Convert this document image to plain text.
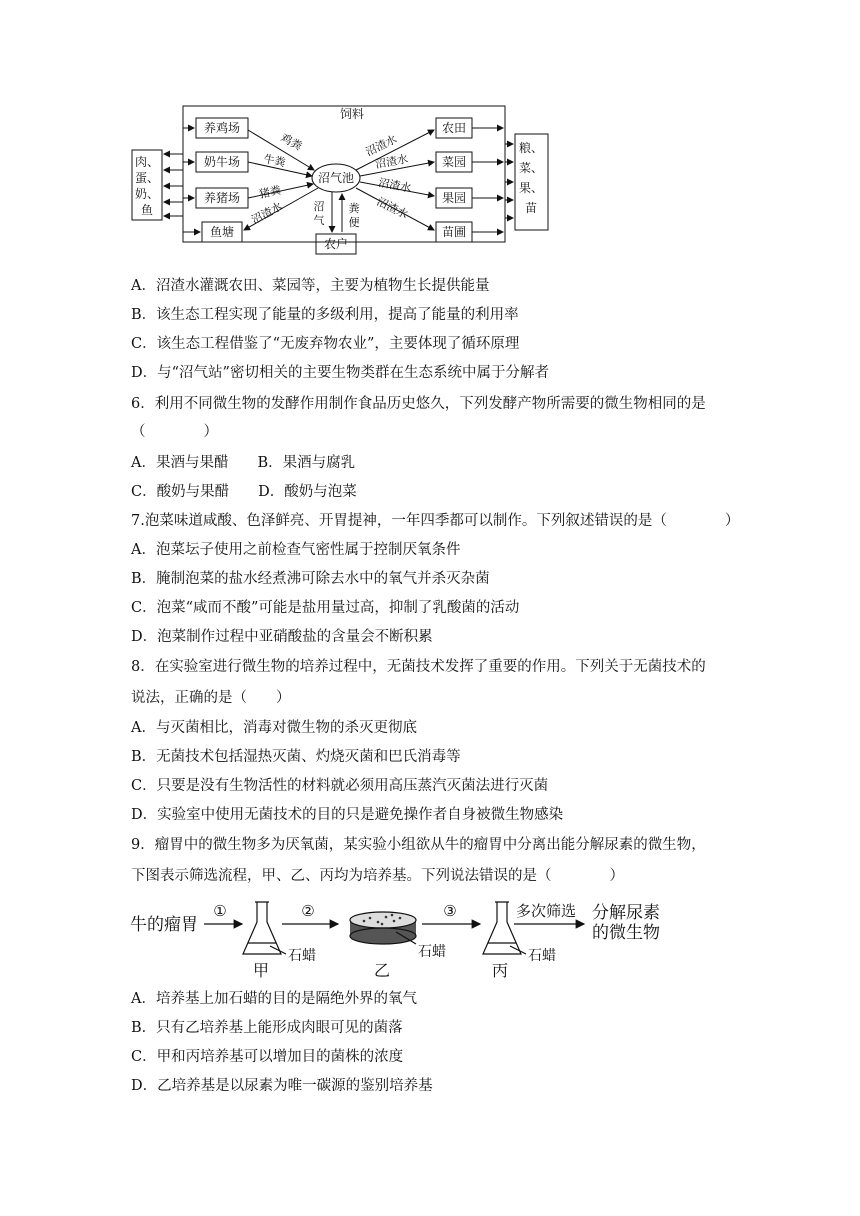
肉、
蛋、
奶、
鱼
粮、
菜、
果、
苗
养鸡场
奶牛场
养猪场
鱼塘
农田
菜园
果园
苗圃
沼气池
农户
饲料
鸡粪
牛粪
猪粪
沼渣水
沼渣水
沼渣水
沼渣水
沼渣水
沼
气
粪
便
A．沼渣水灌溉农田、菜园等，主要为植物生长提供能量
B．该生态工程实现了能量的多级利用，提高了能量的利用率
C．该生态工程借鉴了“无废弃物农业”，主要体现了循环原理
D．与“沼气站”密切相关的主要生物类群在生态系统中属于分解者
6．利用不同微生物的发酵作用制作食品历史悠久，下列发酵产物所需要的微生物相同的是
（　　　　）
A．果酒与果醋　　B．果酒与腐乳
C．酸奶与果醋　　D．酸奶与泡菜
7.泡菜味道咸酸、色泽鲜亮、开胃提神，一年四季都可以制作。下列叙述错误的是（　　　　）
A．泡菜坛子使用之前检查气密性属于控制厌氧条件
B．腌制泡菜的盐水经煮沸可除去水中的氧气并杀灭杂菌
C．泡菜“咸而不酸”可能是盐用量过高，抑制了乳酸菌的活动
D．泡菜制作过程中亚硝酸盐的含量会不断积累
8．在实验室进行微生物的培养过程中，无菌技术发挥了重要的作用。下列关于无菌技术的
说法，正确的是（　　）
A．与灭菌相比，消毒对微生物的杀灭更彻底
B．无菌技术包括湿热灭菌、灼烧灭菌和巴氏消毒等
C．只要是没有生物活性的材料就必须用高压蒸汽灭菌法进行灭菌
D．实验室中使用无菌技术的目的只是避免操作者自身被微生物感染
9．瘤胃中的微生物多为厌氧菌，某实验小组欲从牛的瘤胃中分离出能分解尿素的微生物，
下图表示筛选流程，甲、乙、丙均为培养基。下列说法错误的是（　　　　）
牛的瘤胃
①
石蜡
甲
②
石蜡
乙
③
石蜡
丙
多次筛选 分解尿素
的微生物
A．培养基上加石蜡的目的是隔绝外界的氧气
B．只有乙培养基上能形成肉眼可见的菌落
C．甲和丙培养基可以增加目的菌株的浓度
D．乙培养基是以尿素为唯一碳源的鉴别培养基
